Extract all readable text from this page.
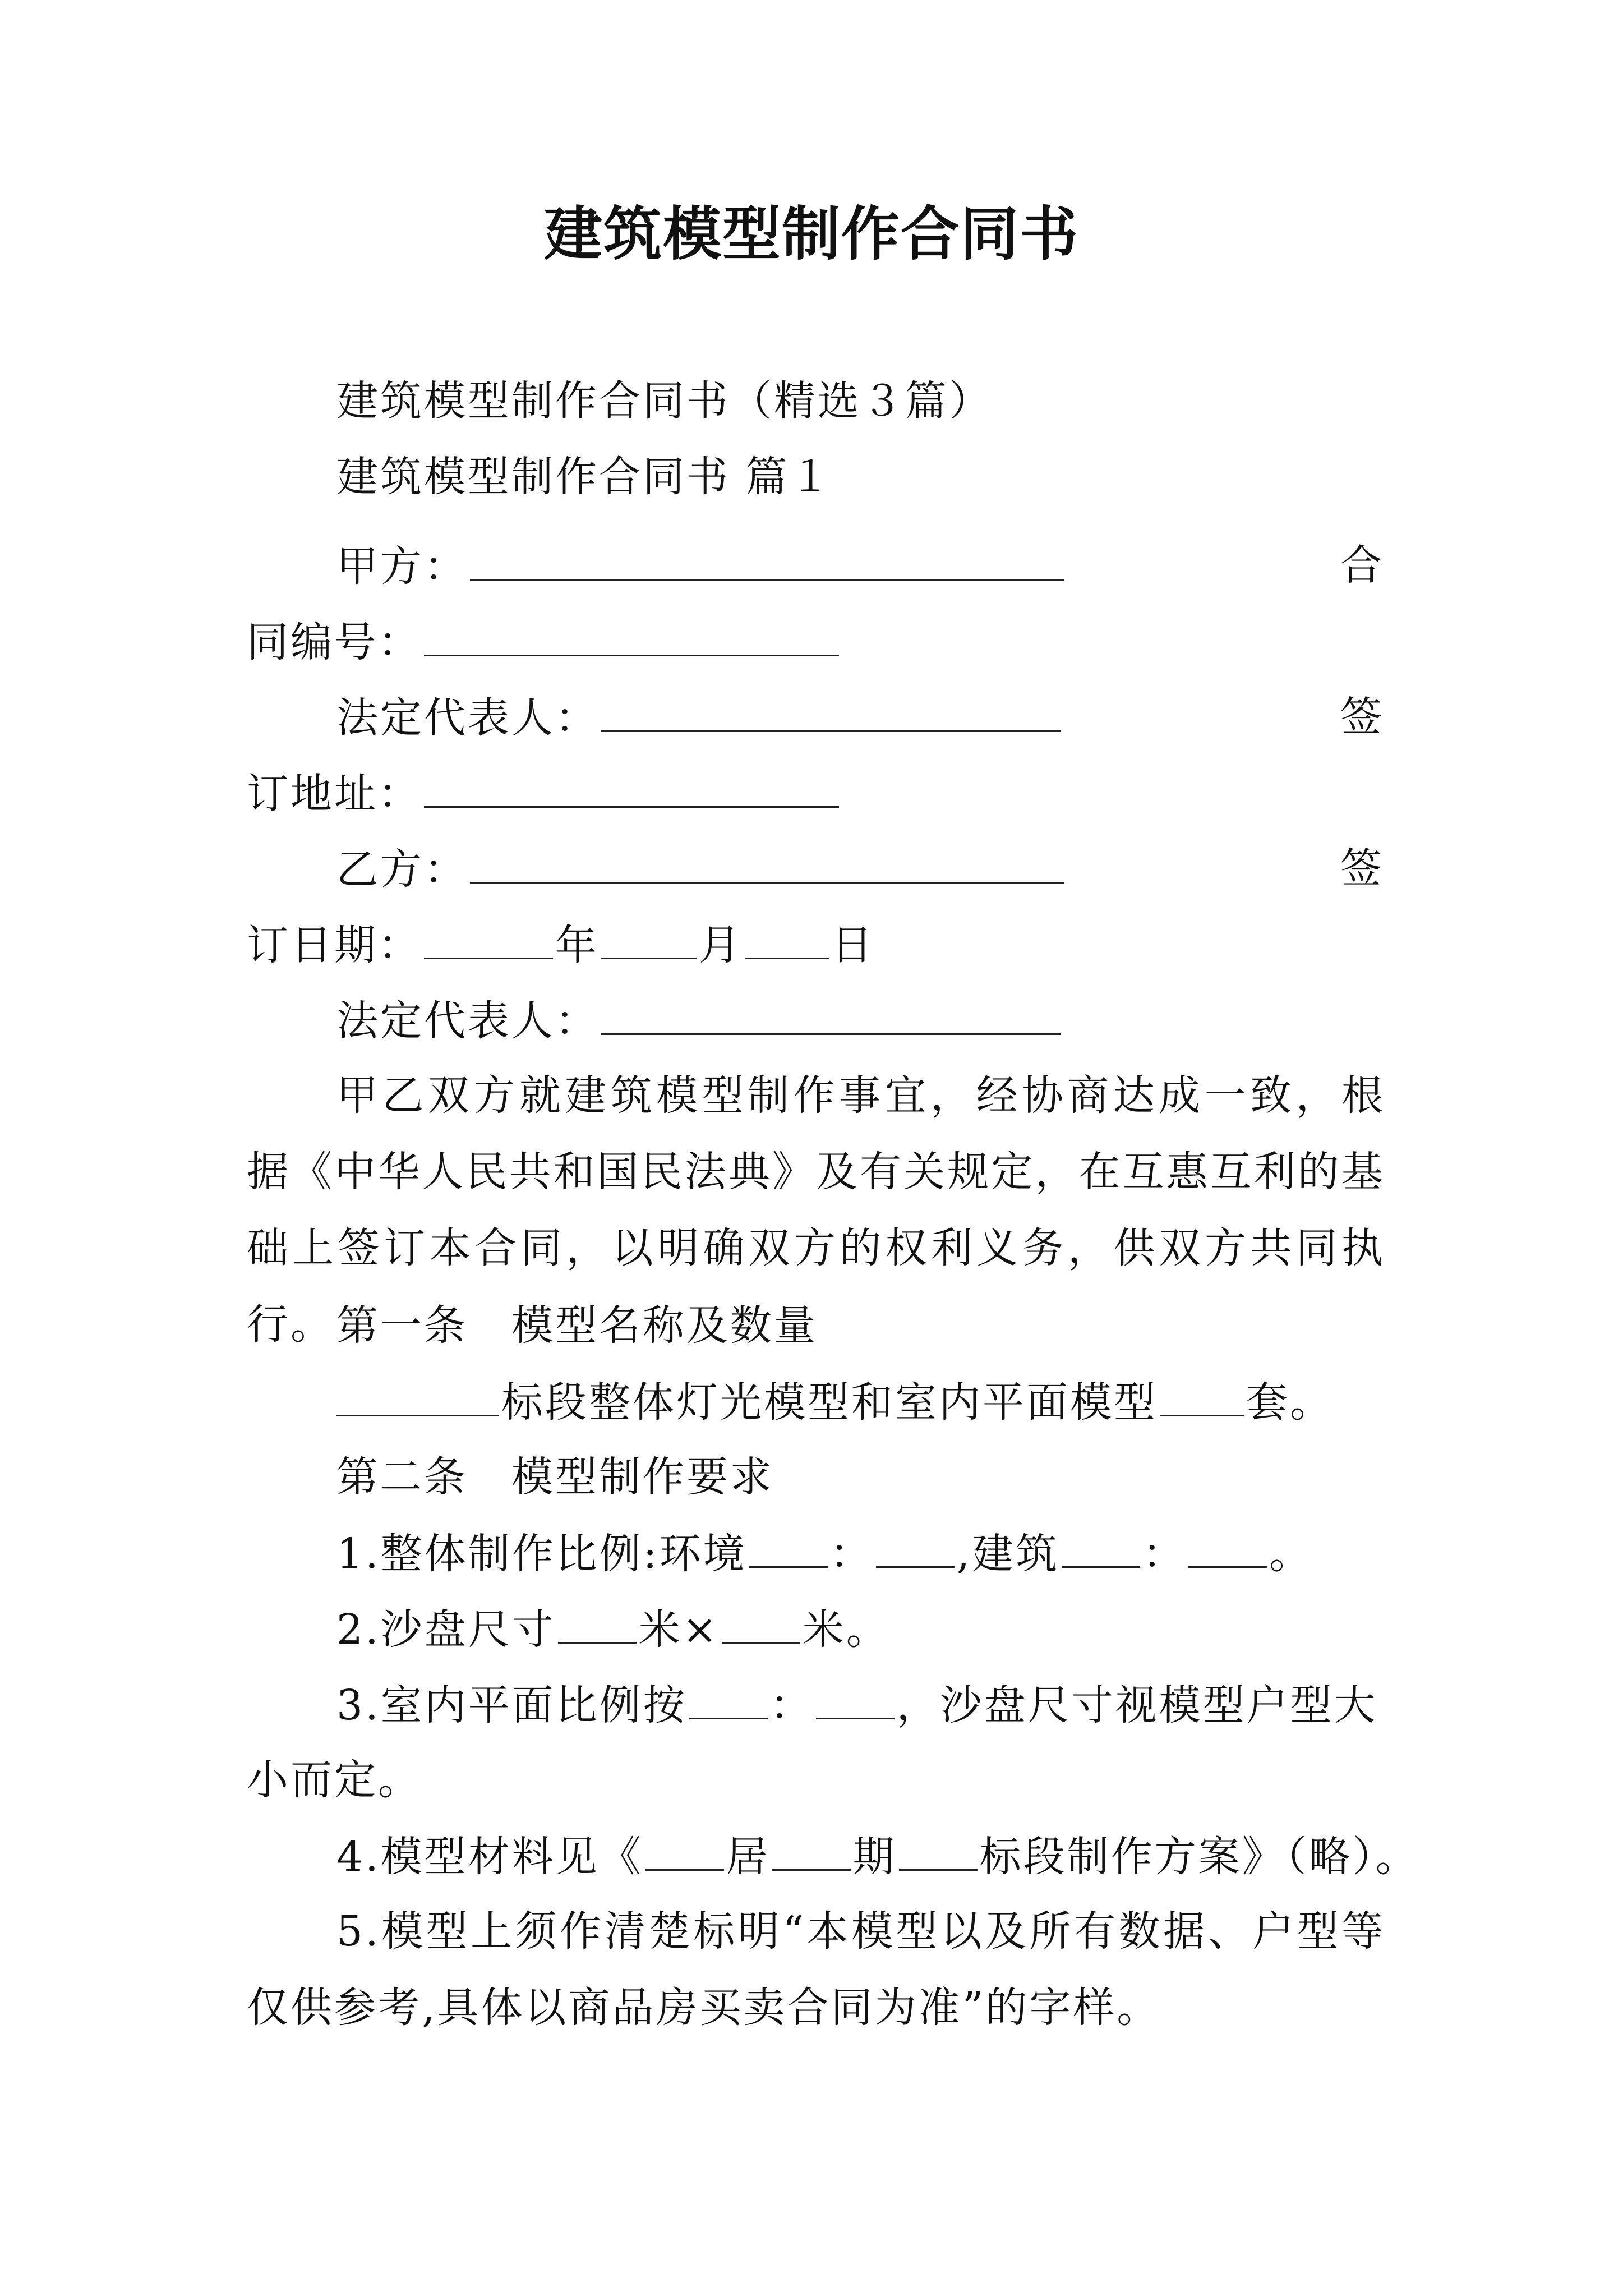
建筑模型制作合同书
建筑模型制作合同书（精选３篇）
建筑模型制作合同书 篇１
甲方：	合
同编号：
法定代表人：	签
订地址：
乙方：	签
订日期：	年 月 日
法定代表人：

甲乙双方就建筑模型制作事宜，经协商达成一致，根据《中华人民共和国民法典》及有关规定，在互惠互利的基础上签订本合同，以明确双方的权利义务，供双方共同执行。 第一条　模型名称及数量
标段整体灯光模型和室内平面模型 套。
第二条　模型制作要求
1.整体制作比例:环境 ： ,建筑 ： 。
2.沙盘尺寸 米× 米。
3.室内平面比例按 ： ，沙盘尺寸视模型户型大
小而定。
4.模型材料见《 居 期 标段制作方案》（略）。

5.模型上须作清楚标明“本模型以及所有数据、户型等仅供参考,具体以商品房买卖合同为准”的字样。
